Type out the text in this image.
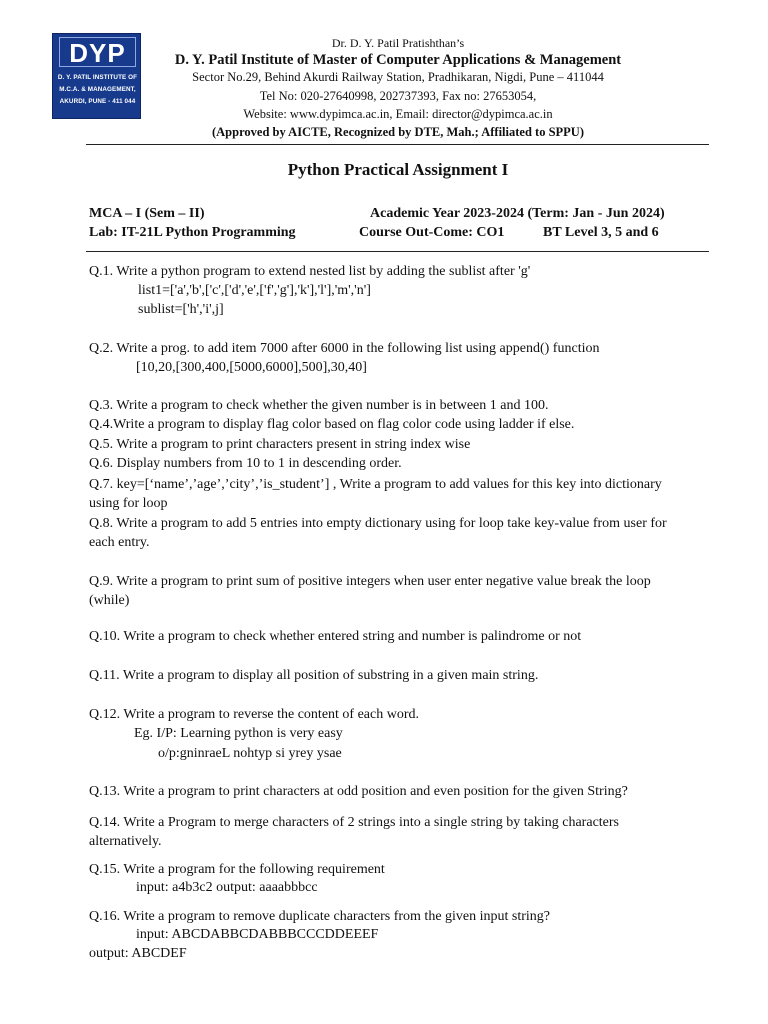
DYP
D. Y. PATIL INSTITUTE OF
M.C.A. & MANAGEMENT,
AKURDI, PUNE - 411 044
Dr. D. Y. Patil Pratishthan’s
D. Y. Patil Institute of Master of Computer Applications & Management
Sector No.29, Behind Akurdi Railway Station, Pradhikaran, Nigdi, Pune – 411044
Tel No: 020-27640998, 202737393, Fax no: 27653054,
Website: www.dypimca.ac.in, Email: director@dypimca.ac.in
(Approved by AICTE, Recognized by DTE, Mah.; Affiliated to SPPU)
Python Practical Assignment I
MCA – I (Sem – II)	Academic Year 2023-2024 (Term: Jan - Jun 2024)
Lab: IT-21L Python Programming	Course Out-Come: CO1	BT Level 3, 5 and 6
Q.1. Write a python program to extend nested list by adding the sublist after 'g'
list1=['a','b',['c',['d','e',['f','g'],'k'],'l'],'m','n']
sublist=['h','i',j]
Q.2. Write a prog. to add item 7000 after 6000 in the following list using append() function
[10,20,[300,400,[5000,6000],500],30,40]
Q.3. Write a program to check whether the given number is in between 1 and 100.
Q.4.Write a program to display flag color based on flag color code using ladder if else.
Q.5. Write a program to print characters present in string index wise
Q.6. Display numbers from 10 to 1 in descending order.
Q.7. key=[‘name’,’age’,’city’,’is_student’] , Write a program to add values for this key into dictionary using for loop
Q.8. Write a program to add 5 entries into empty dictionary using for loop take key-value from user for each entry.
Q.9. Write a program to print sum of positive integers when user enter negative value break the loop (while)
Q.10. Write a program to check whether entered string and number is palindrome or not
Q.11. Write a program to display all position of substring in a given main string.
Q.12. Write a program to reverse the content of each word.
Eg. I/P: Learning python is very easy
o/p:gninraeL nohtyp si yrey ysae
Q.13. Write a program to print characters at odd position and even position for the given String?
Q.14. Write a Program to merge characters of 2 strings into a single string by taking characters alternatively.
Q.15. Write a program for the following requirement
input: a4b3c2 output: aaaabbbcc
Q.16. Write a program to remove duplicate characters from the given input string?
input: ABCDABBCDABBBCCCDDEEEF
output: ABCDEF
